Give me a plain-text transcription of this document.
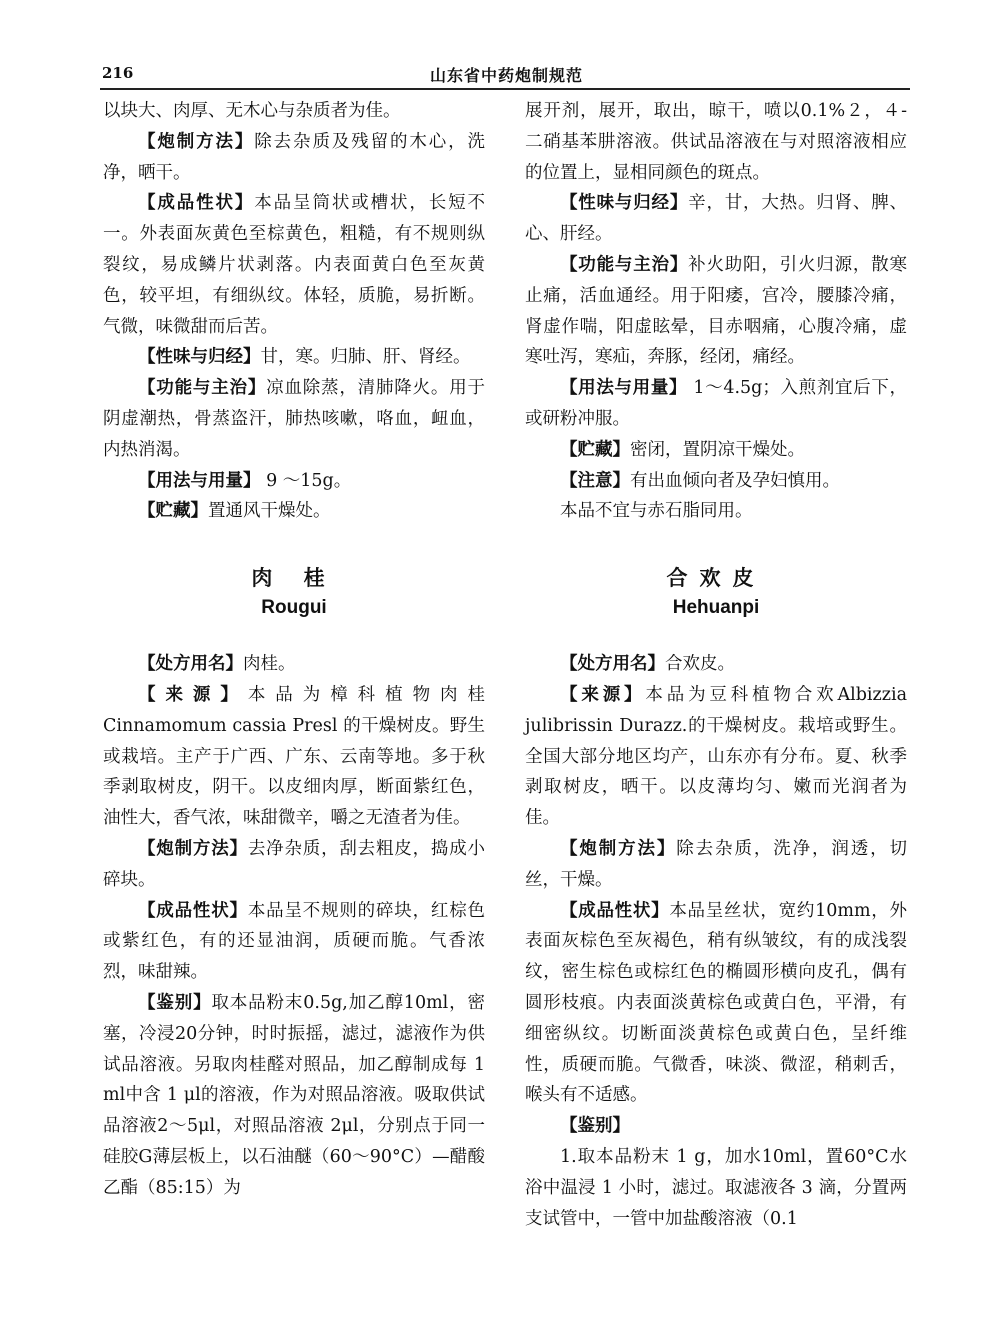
216	山东省中药炮制规范

以块大、肉厚、无木心与杂质者为佳。

【炮制方法】除去杂质及残留的木心，洗净，晒干。

【成品性状】本品呈筒状或槽状，长短不一。外表面灰黄色至棕黄色，粗糙，有不规则纵裂纹，易成鳞片状剥落。内表面黄白色至灰黄色，较平坦，有细纵纹。体轻，质脆，易折断。气微，味微甜而后苦。

【性味与归经】甘，寒。归肺、肝、肾经。

【功能与主治】凉血除蒸，清肺降火。用于阴虚潮热，骨蒸盗汗，肺热咳嗽，咯血，衄血，内热消渴。

【用法与用量】 9 ～15g。

【贮藏】置通风干燥处。

肉 桂
Rougui

【处方用名】肉桂。

【来源】本品为樟科植物肉桂 Cinnamomum cassia Presl 的干燥树皮。野生或栽培。主产于广西、广东、云南等地。多于秋季剥取树皮，阴干。以皮细肉厚，断面紫红色，油性大，香气浓，味甜微辛，嚼之无渣者为佳。

【炮制方法】去净杂质，刮去粗皮，捣成小碎块。

【成品性状】本品呈不规则的碎块，红棕色或紫红色，有的还显油润，质硬而脆。气香浓烈，味甜辣。

【鉴别】取本品粉末0.5g,加乙醇10ml，密塞，冷浸20分钟，时时振摇，滤过，滤液作为供试品溶液。另取肉桂醛对照品，加乙醇制成每 1 ml中含 1 μl的溶液，作为对照品溶液。吸取供试品溶液2～5μl，对照品溶液 2μl，分别点于同一硅胶G薄层板上，以石油醚（60～90°C）—醋酸乙酯（85:15）为

展开剂，展开，取出，晾干，喷以0.1%２，４-二硝基苯肼溶液。供试品溶液在与对照溶液相应的位置上，显相同颜色的斑点。

【性味与归经】辛，甘，大热。归肾、脾、心、肝经。

【功能与主治】补火助阳，引火归源，散寒止痛，活血通经。用于阳痿，宫冷，腰膝冷痛，肾虚作喘，阳虚眩晕，目赤咽痛，心腹冷痛，虚寒吐泻，寒疝，奔豚，经闭，痛经。

【用法与用量】 1～4.5g；入煎剂宜后下，或研粉冲服。

【贮藏】密闭，置阴凉干燥处。

【注意】有出血倾向者及孕妇慎用。

本品不宜与赤石脂同用。

合欢皮
Hehuanpi

【处方用名】合欢皮。

【来源】本品为豆科植物合欢Albizzia julibrissin Durazz.的干燥树皮。栽培或野生。全国大部分地区均产，山东亦有分布。夏、秋季剥取树皮，晒干。以皮薄均匀、嫩而光润者为佳。

【炮制方法】除去杂质，洗净，润透，切丝，干燥。

【成品性状】本品呈丝状，宽约10mm，外表面灰棕色至灰褐色，稍有纵皱纹，有的成浅裂纹，密生棕色或棕红色的椭圆形横向皮孔，偶有圆形枝痕。内表面淡黄棕色或黄白色，平滑，有细密纵纹。切断面淡黄棕色或黄白色，呈纤维性，质硬而脆。气微香，味淡、微涩，稍刺舌，喉头有不适感。

【鉴别】

1.取本品粉末 1 g，加水10ml，置60°C水浴中温浸 1 小时，滤过。取滤液各 3 滴，分置两支试管中，一管中加盐酸溶液（0.1
